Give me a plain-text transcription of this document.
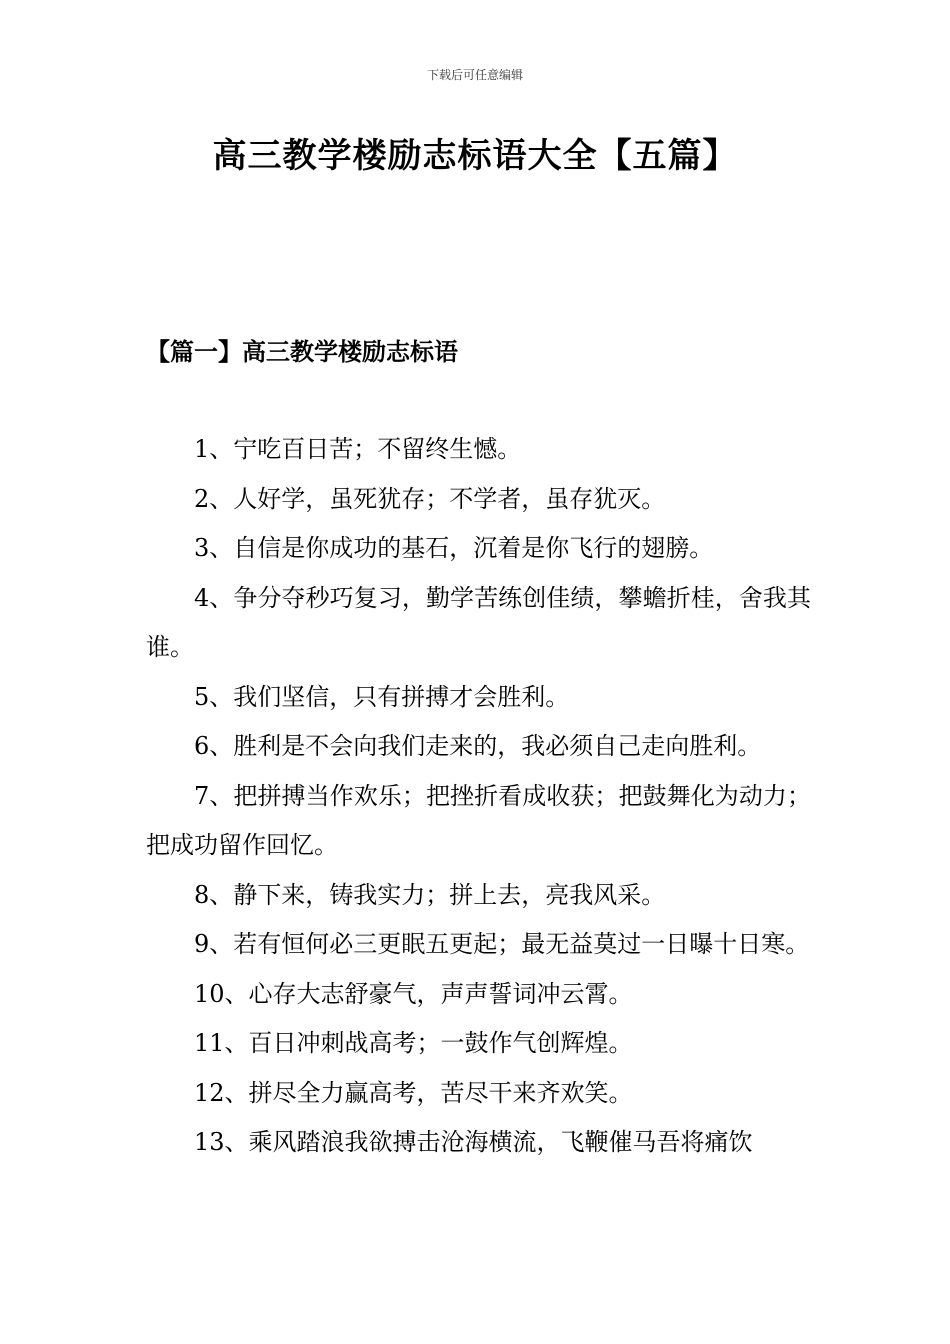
下载后可任意编辑
高三教学楼励志标语大全【五篇】
【篇一】高三教学楼励志标语

1、宁吃百日苦；不留终生憾。

2、人好学，虽死犹存；不学者，虽存犹灭。

3、自信是你成功的基石，沉着是你飞行的翅膀。

4、争分夺秒巧复习，勤学苦练创佳绩，攀蟾折桂，舍我其谁。

5、我们坚信，只有拼搏才会胜利。

6、胜利是不会向我们走来的，我必须自己走向胜利。

7、把拼搏当作欢乐；把挫折看成收获；把鼓舞化为动力；把成功留作回忆。

8、静下来，铸我实力；拼上去，亮我风采。

9、若有恒何必三更眠五更起；最无益莫过一日曝十日寒。

10、心存大志舒豪气，声声誓词冲云霄。

11、百日冲刺战高考；一鼓作气创辉煌。

12、拼尽全力赢高考，苦尽干来齐欢笑。

13、乘风踏浪我欲搏击沧海横流，飞鞭催马吾将痛饮
